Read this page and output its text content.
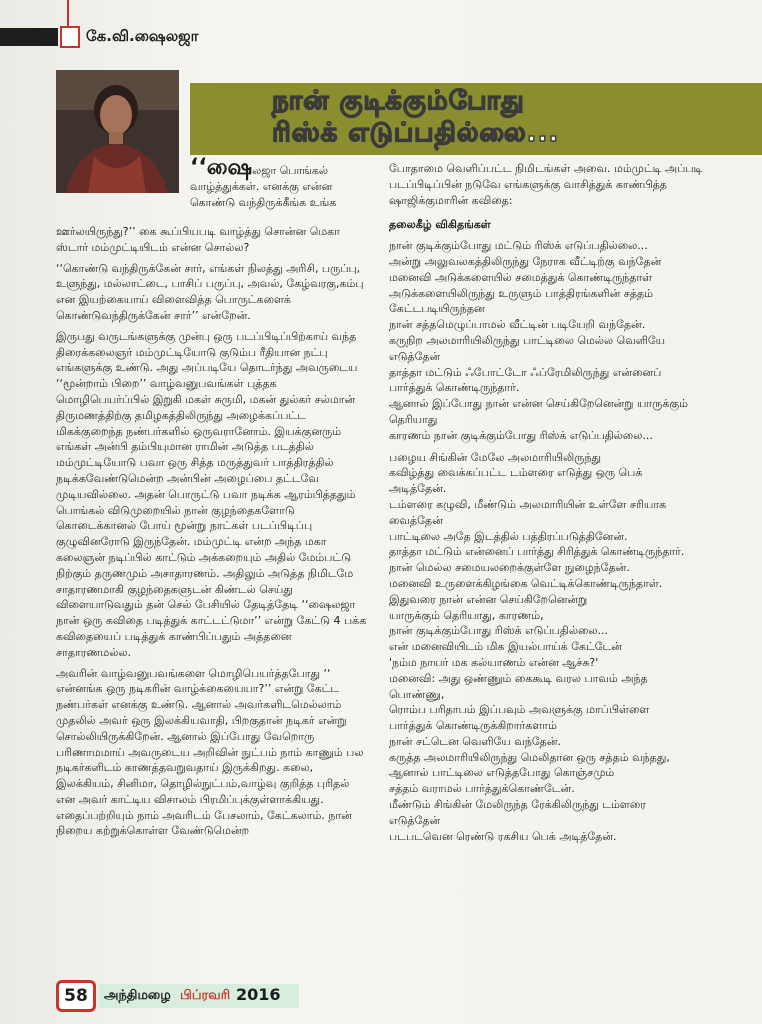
கே.வி.ஷைலஜா
நான் குடிக்கும்போது
ரிஸ்க் எடுப்பதில்லை...
‘‘ஷைலஜா பொங்கல் வாழ்த்துக்கள். எனக்கு என்ன கொண்டு வந்திருக்கீங்க உங்க

ஊர்லயிருந்து?’’ கை கூப்பியபடி வாழ்த்து சொன்ன மெகா ஸ்டார் மம்முட்டியிடம் என்ன சொல்ல?

‘‘கொண்டு வந்திருக்கேன் சார், எங்கள் நிலத்து அரிசி, பருப்பு, உளுந்து, மல்லாட்டை, பாசிப் பருப்பு, அவல், கேழ்வரகு,கம்பு என இயற்கையாய் விளைவித்த பொருட்களைக் கொண்டுவந்திருக்கேன் சார்’’ என்றேன்.

இருபது வருடங்களுக்கு முன்பு ஒரு படப்பிடிப்பிற்காய் வந்த திரைக்கலைஞர் மம்முட்டியோடு குடும்ப ரீதியான நட்பு எங்களுக்கு உண்டு. அது அப்படியே தொடர்ந்து அவருடைய ‘‘மூன்றாம் பிறை’’ வாழ்வனுபவங்கள் புத்தக மொழிபெயர்ப்பில் இறுகி மகள் சுருமி, மகன் துல்கர் சல்மான் திருமணத்திற்கு தமிழகத்திலிருந்து அழைக்கப்பட்ட மிகக்குறைந்த நண்பர்களில் ஒருவரானோம். இயக்குனரும் எங்கள் அன்பி தம்பியுமான ராமின் அடுத்த படத்தில் மம்முட்டியோடு பவா ஒரு சித்த மருத்துவர் பாத்திரத்தில் நடிக்கவேண்டுமென்ற அன்பின் அழைப்பை தட்டவே முடியவில்லை. அதன் பொருட்டு பவா நடிக்க ஆரம்பித்ததும் பொங்கல் விடுமுறையில் நான் குழந்தைகளோடு கொடைக்கானல் போய் மூன்று நாட்கள் படப்பிடிப்பு குழுவினரோடு இருந்தேன். மம்முட்டி என்ற அந்த மகா கலைஞன் நடிப்பில் காட்டும் அக்கறையும் அதில் மேம்பட்டு நிற்கும் தருணமும் அசாதாரணம். அதிலும் அடுத்த நிமிடமே சாதாரணமாகி குழந்தைகளுடன் கிண்டல் செய்து விளையாடுவதும் தன் செல் பேசியில் தேடித்தேடி ‘‘ஷைலஜா நான் ஒரு கவிதை படித்துக் காட்டட்டுமா’’ என்று கேட்டு 4 பக்க கவிதையைப் படித்துக் காண்பிப்பதும் அத்தனை சாதாரணமல்ல.

அவரின் வாழ்வனுபவங்களை மொழிபெயர்த்தபோது ‘‘ என்னங்க ஒரு நடிகரின் வாழ்க்கையையா?’’ என்று கேட்ட நண்பர்கள் எனக்கு உண்டு. ஆனால் அவர்களிடமெல்லாம் முதலில் அவர் ஒரு இலக்கியவாதி, பிறகுதான் நடிகர் என்று சொல்லியிருக்கிறேன். ஆனால் இப்போது வேறொரு பரிணாமமாய் அவருடைய அறிவின் நுட்பம் நாம் காணும் பல நடிகர்களிடம் காணத்தவறுவதாய் இருக்கிறது. கலை, இலக்கியம், சினிமா, தொழில்நுட்பம்,வாழ்வு குறித்த புரிதல் என அவர் காட்டிய விசாலம் பிரமிப்புக்குள்ளாக்கியது. எதைப்பற்றியும் நாம் அவரிடம் பேசலாம், கேட்கலாம். நான் நிறைய கற்றுக்கொள்ள வேண்டுமென்ற

போதாமை வெளிப்பட்ட நிமிடங்கள் அவை. மம்முட்டி அப்படி படப்பிடிப்பின் நடுவே எங்களுக்கு வாசித்துக் காண்பித்த ஷாஜிக்குமாரின் கவிதை:

தலைகீழ் விகிதங்கள்
நான் குடிக்கும்போது மட்டும் ரிஸ்க் எடுப்பதில்லை...
அன்று அலுவலகத்திலிருந்து நேராக வீட்டிற்கு வந்தேன்
மனைவி அடுக்களையில் சமைத்துக் கொண்டிருந்தாள்
அடுக்களையிலிருந்து உருளும் பாத்திரங்களின் சத்தம்
கேட்டபடியிருந்தன
நான் சத்தமெழுப்பாமல் வீட்டின் படியேறி வந்தேன்.
கருநிற அலமாரியிலிருந்து பாட்டிலை மெல்ல வெளியே
எடுத்தேன்
தாத்தா மட்டும் ஃபோட்டோ ஃப்ரேமிலிருந்து என்னைப்
பார்த்துக் கொண்டிருந்தார்.
ஆனால் இப்போது நான் என்ன செய்கிறேனென்று யாருக்கும்
தெரியாது
காரணம் நான் குடிக்கும்போது ரிஸ்க் எடுப்பதில்லை...
பழைய சிங்கின் மேலே அலமாரியிலிருந்து
கவிழ்த்து வைக்கப்பட்ட டம்ளரை எடுத்து ஒரு பெக்
அடித்தேன்.
டம்ளரை கழுவி, மீண்டும் அலமாரியின் உள்ளே சரியாக
வைத்தேன்
பாட்டிலை அதே இடத்தில் பத்திரப்படுத்தினேன்.
தாத்தா மட்டும் என்னைப் பார்த்து சிரித்துக் கொண்டிருந்தார்.
நான் மெல்ல சமையலறைக்குள்ளே நுழைந்தேன்.
மனைவி உருளைக்கிழங்கை வெட்டிக்கொண்டிருந்தாள்.
இதுவரை நான் என்ன செய்கிறேனென்று
யாருக்கும் தெரியாது, காரணம்,
நான் குடிக்கும்போது ரிஸ்க் எடுப்பதில்லை...
என் மனைவியிடம் மிக இயல்பாய்க் கேட்டேன்
'நம்ம நாயர் மக கல்யாணம் என்ன ஆச்சு?'
மனைவி: அது ஒண்ணும் கைகூடி வரல பாவம் அந்த
பொண்ணு,
ரொம்ப பரிதாபம் இப்பவும் அவளுக்கு மாப்பிள்ளை
பார்த்துக் கொண்டிருக்கிறார்களாம்
நான் சட்டென வெளியே வந்தேன்.
கருத்த அலமாரியிலிருந்து மெலிதான ஒரு சத்தம் வந்தது,
ஆனால் பாட்டிலை எடுத்தபோது கொஞ்சமும்
சத்தம் வராமல் பார்த்துக்கொண்டேன்.
மீண்டும் சிங்கின் மேலிருந்த ரேக்கிலிருந்து டம்ளரை
எடுத்தேன்
படபடவென ரெண்டு ரகசிய பெக் அடித்தேன்.
58	அந்திமழை பிப்ரவரி 2016
